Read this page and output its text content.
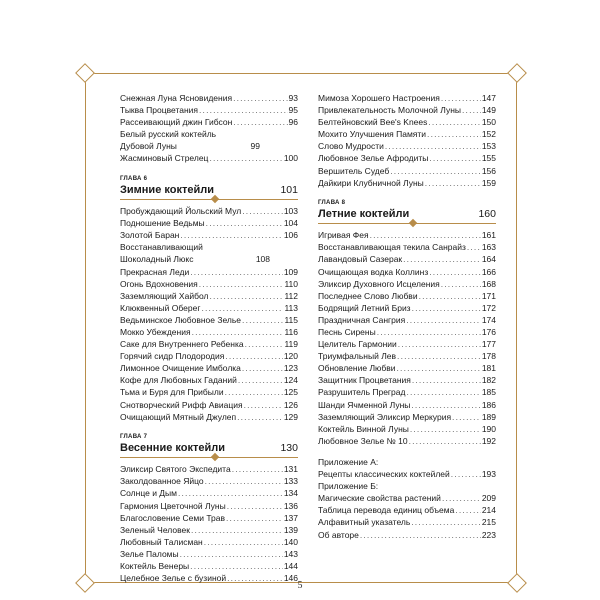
Снежная Луна Ясновидения . . .	93
Тыква Процветания . . .	95
Рассеивающий джин Гибсон . . .	96
Белый русский коктейль Дубовой Луны	99
Жасминовый Стрелец . . .	100
ГЛАВА 6
Зимние коктейли	101
Пробуждающий Йольский Мул . . .	103
Подношение Ведьмы . . .	104
Золотой Баран . . .	106
Восстанавливающий Шоколадный Люкс	108
Прекрасная Леди . . .	109
Огонь Вдохновения . . .	110
Заземляющий Хайбол . . .	112
Клюквенный Оберег . . .	113
Ведьминское Любовное Зелье . . .	115
Мокко Убеждения . . .	116
Саке для Внутреннего Ребенка . . .	119
Горячий сидр Плодородия . . .	120
Лимонное Очищение Имболка . . .	123
Кофе для Любовных Гаданий . . .	124
Тьма и Буря для Прибыли . . .	125
Снотворческий Рифф Авиация . . .	126
Очищающий Мятный Джулеп . . .	129
ГЛАВА 7
Весенние коктейли	130
Эликсир Святого Экспедита . . .	131
Заколдованное Яйцо . . .	133
Солнце и Дым . . .	134
Гармония Цветочной Луны . . .	136
Благословение Семи Трав . . .	137
Зеленый Человек . . .	139
Любовный Талисман . . .	140
Зелье Паломы . . .	143
Коктейль Венеры . . .	144
Целебное Зелье с бузиной . . .	146
Мимоза Хорошего Настроения . . .	147
Привлекательность Молочной Луны . . . 149
Белтейновский Bee's Knees . . .	150
Мохито Улучшения Памяти . . .	152
Слово Мудрости . . .	153
Любовное Зелье Афродиты . . .	155
Вершитель Судеб . . .	156
Дайкири Клубничной Луны . . .	159
ГЛАВА 8
Летние коктейли	160
Игривая Фея . . .	161
Восстанавливающая текила Санрайз . . . 163
Лавандовый Сазерак . . .	164
Очищающая водка Коллинз . . .	166
Эликсир Духовного Исцеления . . .	168
Последнее Слово Любви . . .	171
Бодрящий Летний Бриз . . .	172
Праздничная Сангрия . . .	174
Песнь Сирены . . .	176
Целитель Гармонии . . .	177
Триумфальный Лев . . .	178
Обновление Любви . . .	181
Защитник Процветания . . .	182
Разрушитель Преград . . .	185
Шанди Ячменной Луны . . .	186
Заземляющий Эликсир Меркурия . . .	189
Коктейль Винной Луны . . .	190
Любовное Зелье № 10 . . .	192
Приложение А:
Рецепты классических коктейлей . . .	193
Приложение Б:
Магические свойства растений . . .	209
Таблица перевода единиц объема . . .	214
Алфавитный указатель . . .	215
Об авторе . . .	223
5
